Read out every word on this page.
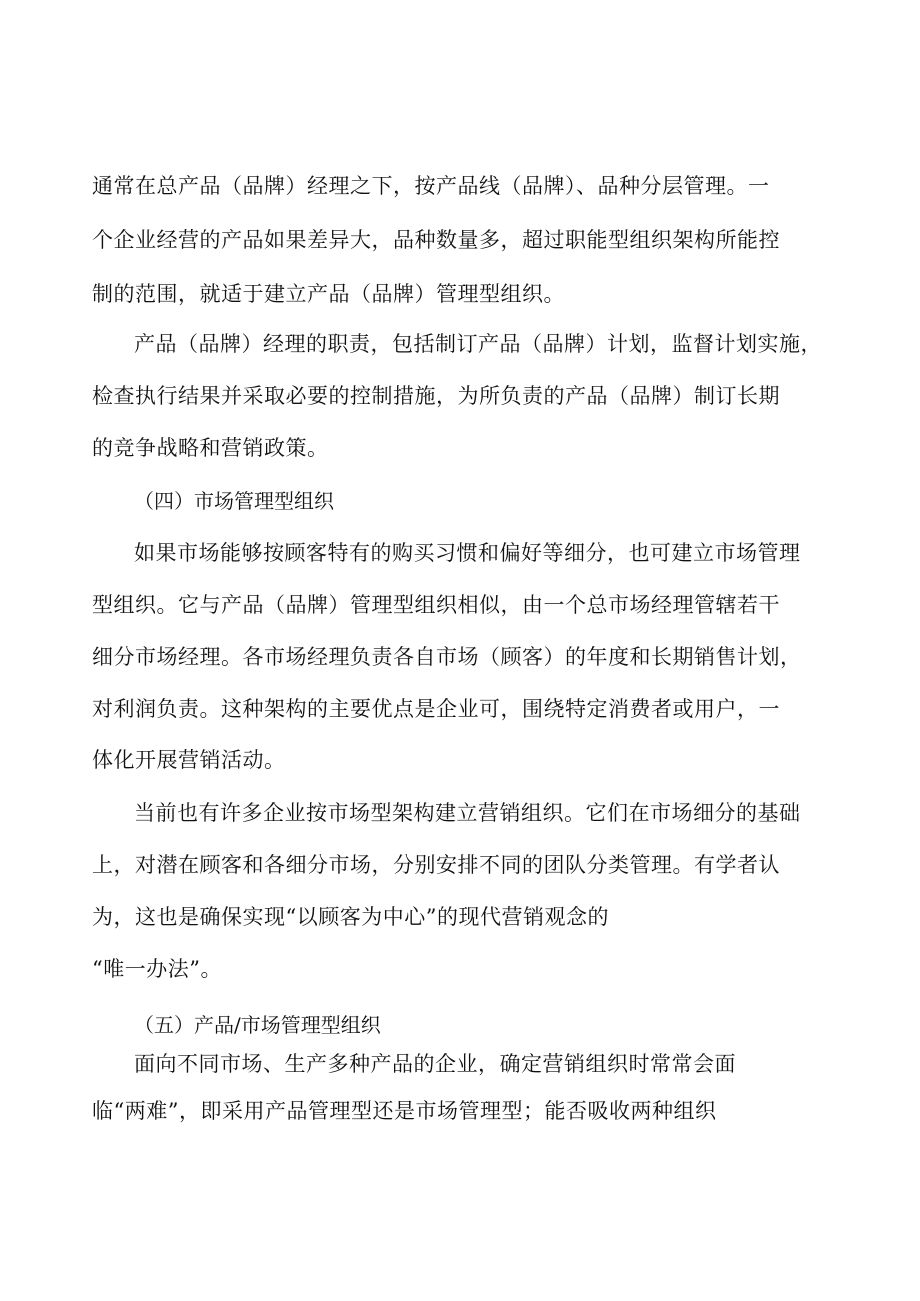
通常在总产品（品牌）经理之下，按产品线（品牌）、品种分层管理。一
个企业经营的产品如果差异大，品种数量多，超过职能型组织架构所能控
制的范围，就适于建立产品（品牌）管理型组织。
产品（品牌）经理的职责，包括制订产品（品牌）计划，监督计划实施，
检查执行结果并采取必要的控制措施，为所负责的产品（品牌）制订长期
的竞争战略和营销政策。
（四）市场管理型组织
如果市场能够按顾客特有的购买习惯和偏好等细分，也可建立市场管理
型组织。它与产品（品牌）管理型组织相似，由一个总市场经理管辖若干
细分市场经理。各市场经理负责各自市场（顾客）的年度和长期销售计划，
对利润负责。这种架构的主要优点是企业可，围绕特定消费者或用户，一
体化开展营销活动。
当前也有许多企业按市场型架构建立营销组织。它们在市场细分的基础
上，对潜在顾客和各细分市场，分别安排不同的团队分类管理。有学者认
为，这也是确保实现“以顾客为中心”的现代营销观念的
“唯一办法”。
（五）产品/市场管理型组织
面向不同市场、生产多种产品的企业，确定营销组织时常常会面
临“两难”，即采用产品管理型还是市场管理型；能否吸收两种组织
